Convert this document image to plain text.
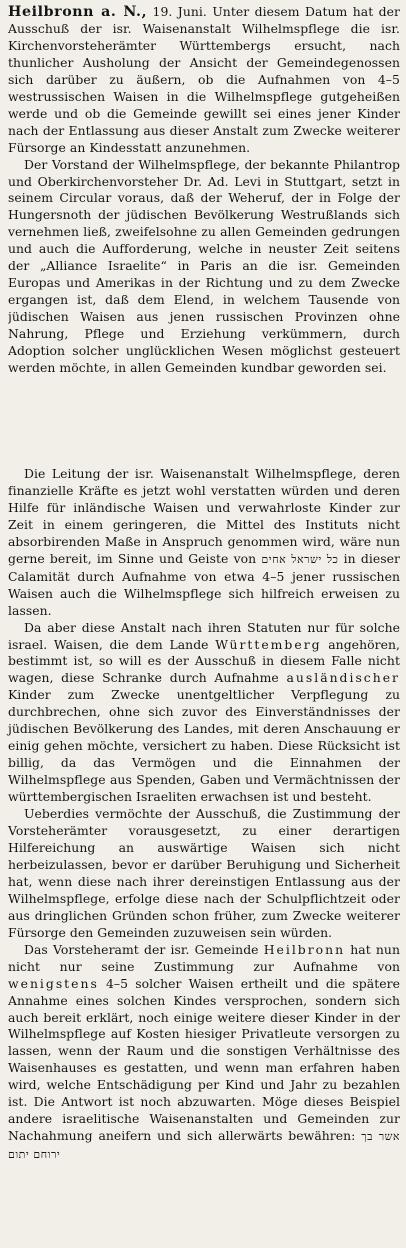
Heilbronn a. N., 19. Juni. Unter diesem Datum hat der Ausschuß der isr. Waisenanstalt Wilhelmspflege die isr. Kirchenvorsteherämter Württembergs ersucht, nach thunlicher Ausholung der Ansicht der Gemeindegenossen sich darüber zu äußern, ob die Aufnahmen von 4–5 westrussischen Waisen in die Wilhelmspflege gutgeheißen werde und ob die Gemeinde gewillt sei eines jener Kinder nach der Entlassung aus dieser Anstalt zum Zwecke weiterer Fürsorge an Kindesstatt anzunehmen.

Der Vorstand der Wilhelmspflege, der bekannte Philantrop und Oberkirchenvorsteher Dr. Ad. Levi in Stuttgart, setzt in seinem Circular voraus, daß der Weheruf, der in Folge der Hungersnoth der jüdischen Bevölkerung Westrußlands sich vernehmen ließ, zweifelsohne zu allen Gemeinden gedrungen und auch die Aufforderung, welche in neuster Zeit seitens der „Alliance Israelite“ in Paris an die isr. Gemeinden Europas und Amerikas in der Richtung und zu dem Zwecke ergangen ist, daß dem Elend, in welchem Tausende von jüdischen Waisen aus jenen russischen Provinzen ohne Nahrung, Pflege und Erziehung verkümmern, durch Adoption solcher unglücklichen Wesen möglichst gesteuert werden möchte, in allen Gemeinden kundbar geworden sei.

Die Leitung der isr. Waisenanstalt Wilhelmspflege, deren finanzielle Kräfte es jetzt wohl verstatten würden und deren Hilfe für inländische Waisen und verwahrloste Kinder zur Zeit in einem geringeren, die Mittel des Instituts nicht absorbirenden Maße in Anspruch genommen wird, wäre nun gerne bereit, im Sinne und Geiste von כל ישראל אחים in dieser Calamität durch Aufnahme von etwa 4–5 jener russischen Waisen auch die Wilhelmspflege sich hilfreich erweisen zu lassen.

Da aber diese Anstalt nach ihren Statuten nur für solche israel. Waisen, die dem Lande Württemberg angehören, bestimmt ist, so will es der Ausschuß in diesem Falle nicht wagen, diese Schranke durch Aufnahme ausländischer Kinder zum Zwecke unentgeltlicher Verpflegung zu durchbrechen, ohne sich zuvor des Einverständnisses der jüdischen Bevölkerung des Landes, mit deren Anschauung er einig gehen möchte, versichert zu haben. Diese Rücksicht ist billig, da das Vermögen und die Einnahmen der Wilhelmspflege aus Spenden, Gaben und Vermächtnissen der württembergischen Israeliten erwachsen ist und besteht.

Ueberdies vermöchte der Ausschuß, die Zustimmung der Vorsteherämter vorausgesetzt, zu einer derartigen Hilfereichung an auswärtige Waisen sich nicht herbeizulassen, bevor er darüber Beruhigung und Sicherheit hat, wenn diese nach ihrer dereinstigen Entlassung aus der Wilhelmspflege, erfolge diese nach der Schulpflichtzeit oder aus dringlichen Gründen schon früher, zum Zwecke weiterer Fürsorge den Gemeinden zuzuweisen sein würden.

Das Vorsteheramt der isr. Gemeinde Heilbronn hat nun nicht nur seine Zustimmung zur Aufnahme von wenigstens 4–5 solcher Waisen ertheilt und die spätere Annahme eines solchen Kindes versprochen, sondern sich auch bereit erklärt, noch einige weitere dieser Kinder in der Wilhelmspflege auf Kosten hiesiger Privatleute versorgen zu lassen, wenn der Raum und die sonstigen Verhältnisse des Waisenhauses es gestatten, und wenn man erfahren haben wird, welche Entschädigung per Kind und Jahr zu bezahlen ist. Die Antwort ist noch abzuwarten. Möge dieses Beispiel andere israelitische Waisenanstalten und Gemeinden zur Nachahmung aneifern und sich allerwärts bewähren: אשר בך ירוחם יתום
